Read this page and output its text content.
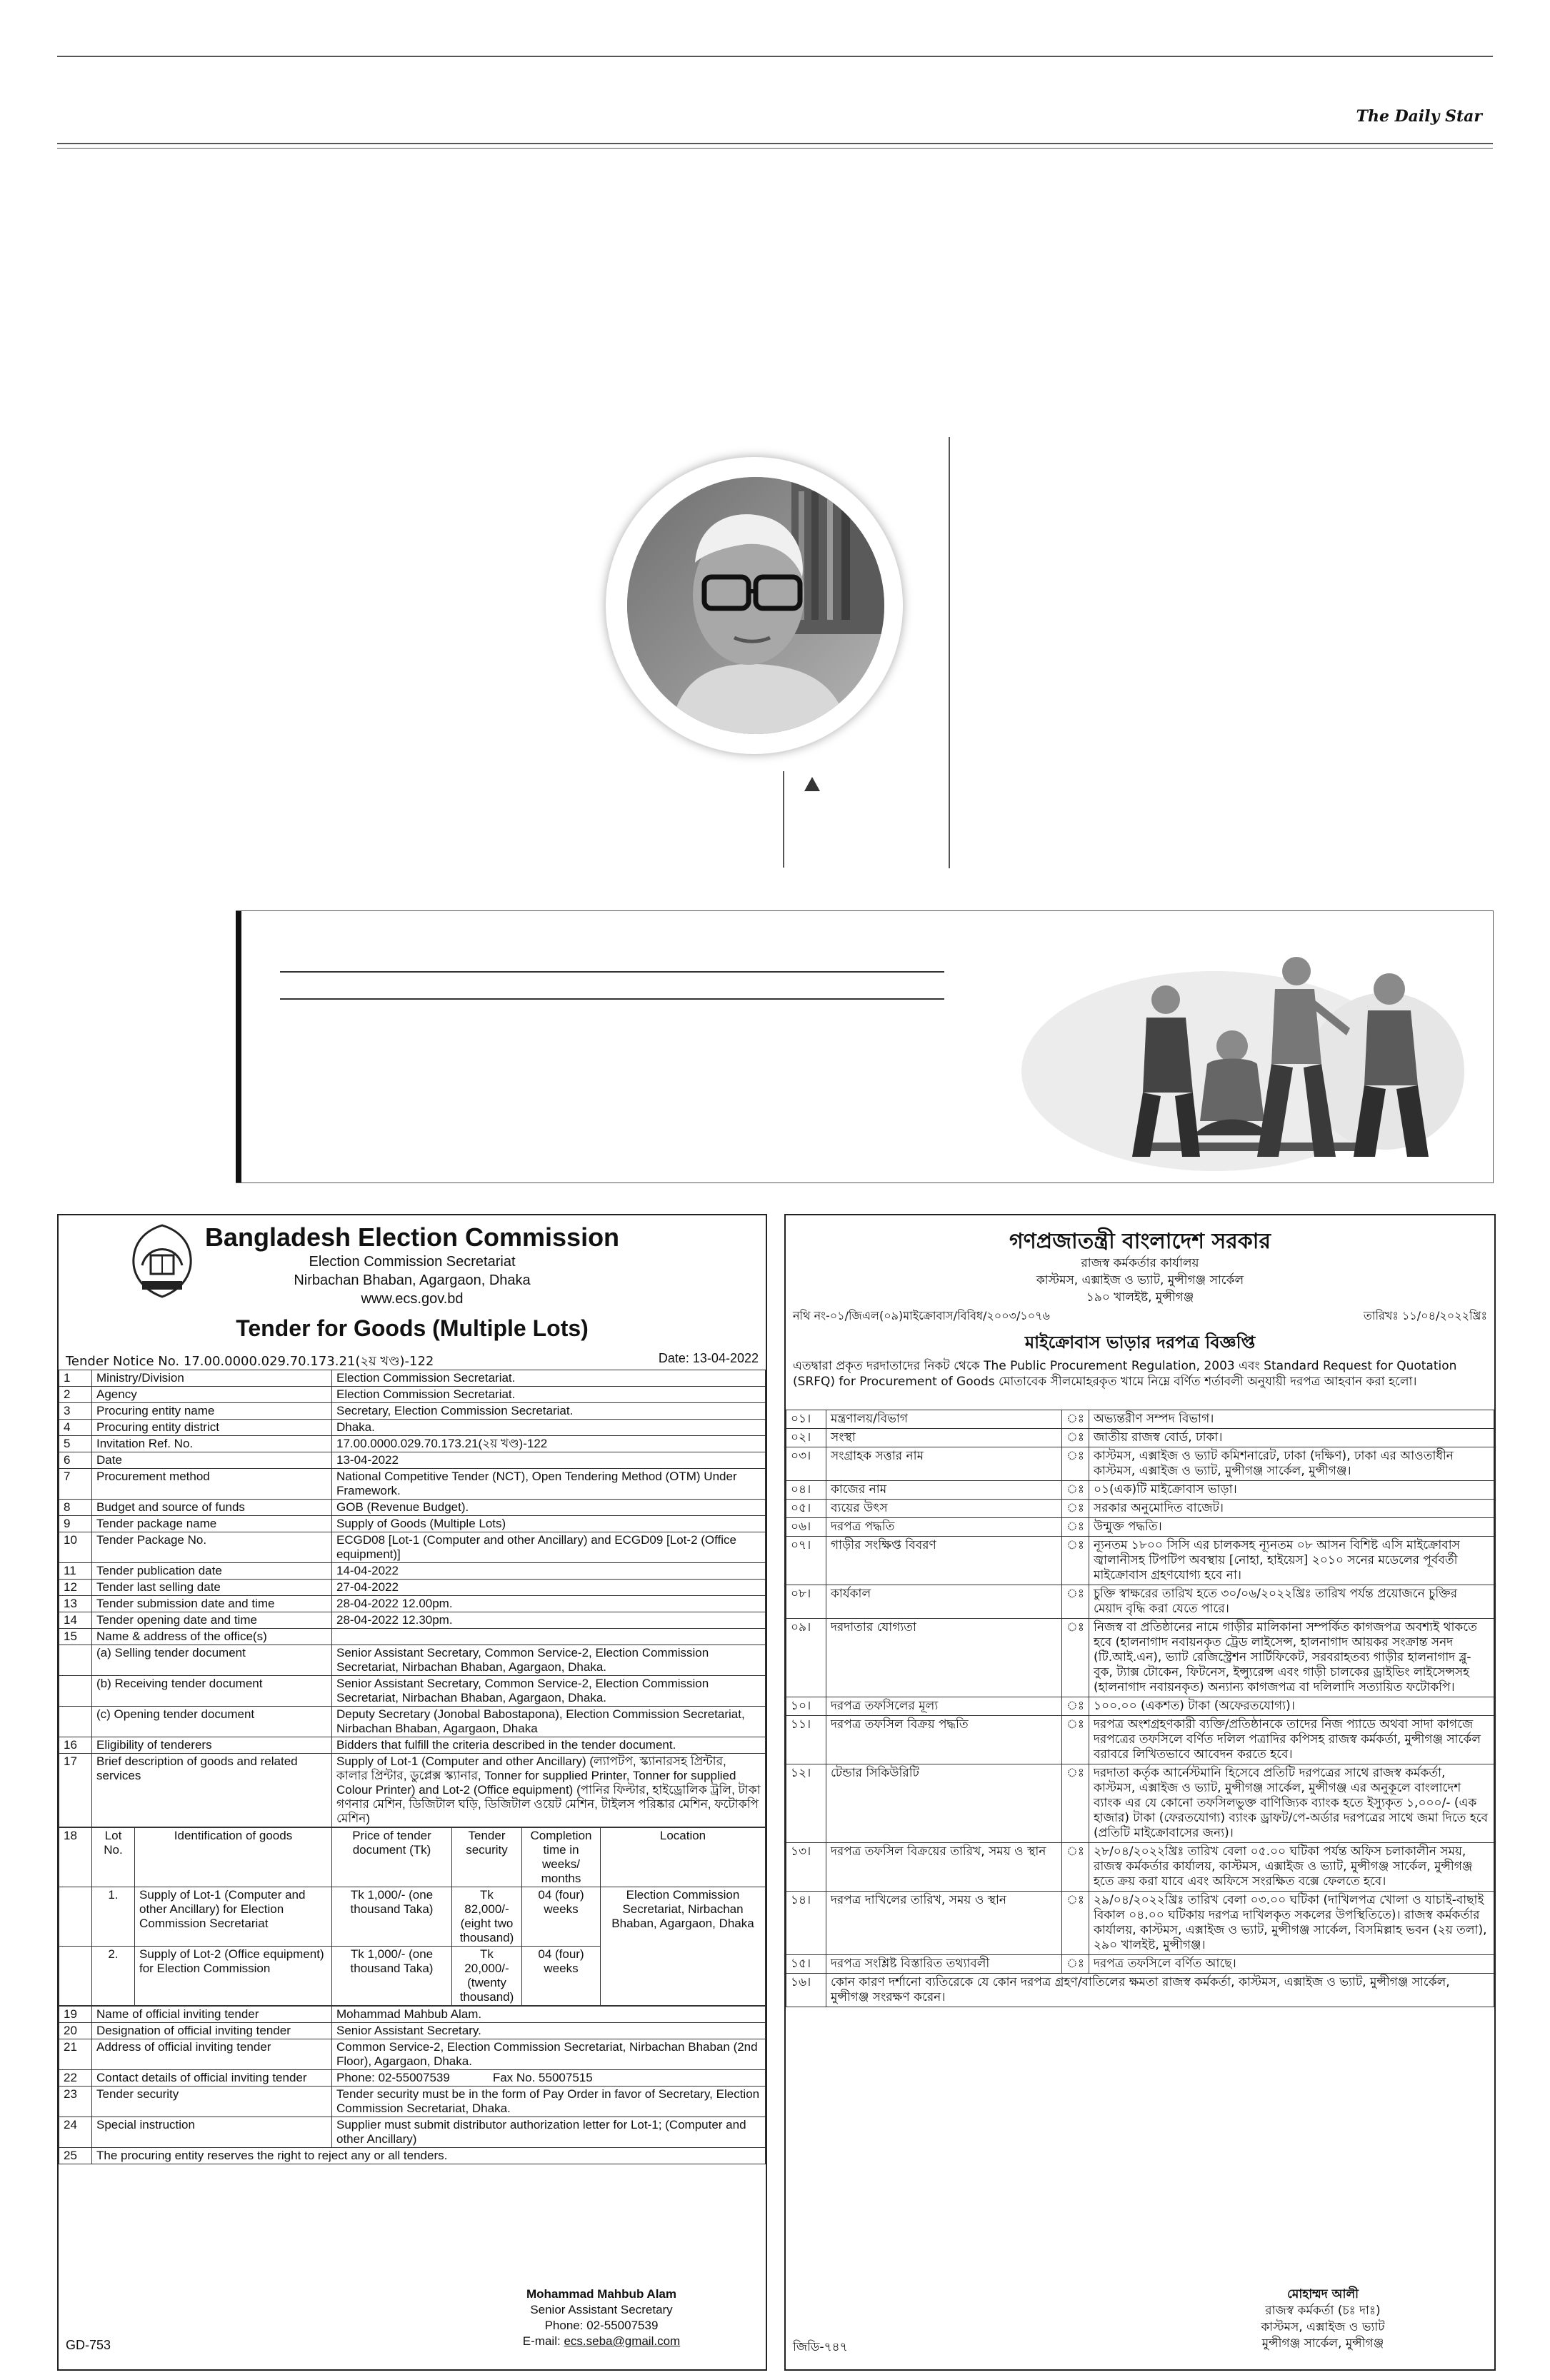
The Daily Star
Bangladesh Election Commission
Election Commission Secretariat
Nirbachan Bhaban, Agargaon, Dhaka
www.ecs.gov.bd
Tender for Goods (Multiple Lots)
Tender Notice No. 17.00.0000.029.70.173.21(২য় খণ্ড)-122	Date: 13-04-2022
1	Ministry/Division	Election Commission Secretariat.
2	Agency	Election Commission Secretariat.
3	Procuring entity name	Secretary, Election Commission Secretariat.
4	Procuring entity district	Dhaka.
5	Invitation Ref. No.	17.00.0000.029.70.173.21(২য় খণ্ড)-122
6	Date	13-04-2022
7	Procurement method	National Competitive Tender (NCT), Open Tendering Method (OTM) Under Framework.
8	Budget and source of funds	GOB (Revenue Budget).
9	Tender package name	Supply of Goods (Multiple Lots)
10	Tender Package No.	ECGD08 [Lot-1 (Computer and other Ancillary) and ECGD09 [Lot-2 (Office equipment)]
11	Tender publication date	14-04-2022
12	Tender last selling date	27-04-2022
13	Tender submission date and time	28-04-2022 12.00pm.
14	Tender opening date and time	28-04-2022 12.30pm.
15	Name & address of the office(s)	
	(a) Selling tender document	Senior Assistant Secretary, Common Service-2, Election Commission Secretariat, Nirbachan Bhaban, Agargaon, Dhaka.
	(b) Receiving tender document	Senior Assistant Secretary, Common Service-2, Election Commission Secretariat, Nirbachan Bhaban, Agargaon, Dhaka.
	(c) Opening tender document	Deputy Secretary (Jonobal Babostapona), Election Commission Secretariat, Nirbachan Bhaban, Agargaon, Dhaka
16	Eligibility of tenderers	Bidders that fulfill the criteria described in the tender document.
17	Brief description of goods and related services	Supply of Lot-1 (Computer and other Ancillary) (ল্যাপটপ, স্ক্যানারসহ প্রিন্টার, কালার প্রিন্টার, ডুপ্লেক্স স্ক্যানার, Tonner for supplied Printer, Tonner for supplied Colour Printer) and Lot-2 (Office equipment) (পানির ফিল্টার, হাইড্রোলিক ট্রলি, টাকা গণনার মেশিন, ডিজিটাল ঘড়ি, ডিজিটাল ওয়েট মেশিন, টাইলস পরিষ্কার মেশিন, ফটোকপি মেশিন)
18	Lot No.	Identification of goods	Price of tender document (Tk)	Tender security	Completion time in weeks/ months	Location
	1.	Supply of Lot-1 (Computer and other Ancillary) for Election Commission Secretariat	Tk 1,000/- (one thousand Taka)	Tk 82,000/- (eight two thousand)	04 (four) weeks	Election Commission Secretariat, Nirbachan Bhaban, Agargaon, Dhaka
	2.	Supply of Lot-2 (Office equipment) for Election Commission	Tk 1,000/- (one thousand Taka)	Tk 20,000/- (twenty thousand)	04 (four) weeks	
19	Name of official inviting tender	Mohammad Mahbub Alam.
20	Designation of official inviting tender	Senior Assistant Secretary.
21	Address of official inviting tender	Common Service-2, Election Commission Secretariat, Nirbachan Bhaban (2nd Floor), Agargaon, Dhaka.
22	Contact details of official inviting tender	Phone: 02-55007539 Fax No. 55007515
23	Tender security	Tender security must be in the form of Pay Order in favor of Secretary, Election Commission Secretariat, Dhaka.
24	Special instruction	Supplier must submit distributor authorization letter for Lot-1; (Computer and other Ancillary)
25	The procuring entity reserves the right to reject any or all tenders.	
Mohammad Mahbub Alam
Senior Assistant Secretary
Phone: 02-55007539
E-mail: ecs.seba@gmail.com
GD-753
গণপ্রজাতন্ত্রী বাংলাদেশ সরকার
রাজস্ব কর্মকর্তার কার্যালয়
কাস্টমস, এক্সাইজ ও ভ্যাট, মুন্সীগঞ্জ সার্কেল
১৯০ খালইষ্ট, মুন্সীগঞ্জ
নথি নং-০১/জিএল(০৯)মাইক্রোবাস/বিবিধ/২০০৩/১০৭৬	তারিখঃ ১১/০৪/২০২২খ্রিঃ
মাইক্রোবাস ভাড়ার দরপত্র বিজ্ঞপ্তি
এতদ্বারা প্রকৃত দরদাতাদের নিকট থেকে The Public Procurement Regulation, 2003 এবং Standard Request for Quotation (SRFQ) for Procurement of Goods মোতাবেক সীলমোহরকৃত খামে নিম্নে বর্ণিত শর্তাবলী অনুযায়ী দরপত্র আহবান করা হলো।
০১।	মন্ত্রণালয়/বিভাগ	ঃ	অভ্যন্তরীণ সম্পদ বিভাগ।
০২।	সংস্থা	ঃ	জাতীয় রাজস্ব বোর্ড, ঢাকা।
০৩।	সংগ্রাহক সত্তার নাম	ঃ	কাস্টমস, এক্সাইজ ও ভ্যাট কমিশনারেট, ঢাকা (দক্ষিণ), ঢাকা এর আওতাধীন কাস্টমস, এক্সাইজ ও ভ্যাট, মুন্সীগঞ্জ সার্কেল, মুন্সীগঞ্জ।
০৪।	কাজের নাম	ঃ	০১(এক)টি মাইক্রোবাস ভাড়া।
০৫।	ব্যয়ের উৎস	ঃ	সরকার অনুমোদিত বাজেট।
০৬।	দরপত্র পদ্ধতি	ঃ	উন্মুক্ত পদ্ধতি।
০৭।	গাড়ীর সংক্ষিপ্ত বিবরণ	ঃ	ন্যূনতম ১৮০০ সিসি এর চালকসহ ন্যূনতম ০৮ আসন বিশিষ্ট এসি মাইক্রোবাস জ্বালানীসহ টিপটিপ অবস্থায় [নোহা, হাইয়েস] ২০১০ সনের মডেলের পূর্ববর্তী মাইক্রোবাস গ্রহণযোগ্য হবে না।
০৮।	কার্যকাল	ঃ	চুক্তি স্বাক্ষরের তারিখ হতে ৩০/০৬/২০২২খ্রিঃ তারিখ পর্যন্ত প্রয়োজনে চুক্তির মেয়াদ বৃদ্ধি করা যেতে পারে।
০৯।	দরদাতার যোগ্যতা	ঃ	নিজস্ব বা প্রতিষ্ঠানের নামে গাড়ীর মালিকানা সম্পর্কিত কাগজপত্র অবশ্যই থাকতে হবে (হালনাগাদ নবায়নকৃত ট্রেড লাইসেন্স, হালনাগাদ আয়কর সংক্রান্ত সনদ (টি.আই.এন), ভ্যাট রেজিস্ট্রেশন সার্টিফিকেট, সরবরাহতব্য গাড়ীর হালনাগাদ ব্লু-বুক, ট্যাক্স টোকেন, ফিটনেস, ইন্স্যুরেন্স এবং গাড়ী চালকের ড্রাইভিং লাইসেন্সসহ (হালনাগাদ নবায়নকৃত) অন্যান্য কাগজপত্র বা দলিলাদি সত্যায়িত ফটোকপি।
১০।	দরপত্র তফসিলের মূল্য	ঃ	১০০.০০ (একশত) টাকা (অফেরতযোগ্য)।
১১।	দরপত্র তফসিল বিক্রয় পদ্ধতি	ঃ	দরপত্র অংশগ্রহণকারী ব্যক্তি/প্রতিষ্ঠানকে তাদের নিজ প্যাডে অথবা সাদা কাগজে দরপত্রের তফসিলে বর্ণিত দলিল পত্রাদির কপিসহ রাজস্ব কর্মকর্তা, মুন্সীগঞ্জ সার্কেল বরাবরে লিখিতভাবে আবেদন করতে হবে।
১২।	টেন্ডার সিকিউরিটি	ঃ	দরদাতা কর্তৃক আর্নেস্টমানি হিসেবে প্রতিটি দরপত্রের সাথে রাজস্ব কর্মকর্তা, কাস্টমস, এক্সাইজ ও ভ্যাট, মুন্সীগঞ্জ সার্কেল, মুন্সীগঞ্জ এর অনুকূলে বাংলাদেশ ব্যাংক এর যে কোনো তফসিলভুক্ত বাণিজ্যিক ব্যাংক হতে ইস্যুকৃত ১,০০০/- (এক হাজার) টাকা (ফেরতযোগ্য) ব্যাংক ড্রাফট/পে-অর্ডার দরপত্রের সাথে জমা দিতে হবে (প্রতিটি মাইক্রোবাসের জন্য)।
১৩।	দরপত্র তফসিল বিক্রয়ের তারিখ, সময় ও স্থান	ঃ	২৮/০৪/২০২২খ্রিঃ তারিখ বেলা ০৫.০০ ঘটিকা পর্যন্ত অফিস চলাকালীন সময়, রাজস্ব কর্মকর্তার কার্যালয়, কাস্টমস, এক্সাইজ ও ভ্যাট, মুন্সীগঞ্জ সার্কেল, মুন্সীগঞ্জ হতে ক্রয় করা যাবে এবং অফিসে সংরক্ষিত বক্সে ফেলতে হবে।
১৪।	দরপত্র দাখিলের তারিখ, সময় ও স্থান	ঃ	২৯/০৪/২০২২খ্রিঃ তারিখ বেলা ০৩.০০ ঘটিকা (দাখিলপত্র খোলা ও যাচাই-বাছাই বিকাল ০৪.০০ ঘটিকায় দরপত্র দাখিলকৃত সকলের উপস্থিতিতে)। রাজস্ব কর্মকর্তার কার্যালয়, কাস্টমস, এক্সাইজ ও ভ্যাট, মুন্সীগঞ্জ সার্কেল, বিসমিল্লাহ ভবন (২য় তলা), ২৯০ খালইষ্ট, মুন্সীগঞ্জ।
১৫।	দরপত্র সংশ্লিষ্ট বিস্তারিত তথ্যাবলী	ঃ	দরপত্র তফসিলে বর্ণিত আছে।
১৬।	কোন কারণ দর্শানো ব্যতিরেকে যে কোন দরপত্র গ্রহণ/বাতিলের ক্ষমতা রাজস্ব কর্মকর্তা, কাস্টমস, এক্সাইজ ও ভ্যাট, মুন্সীগঞ্জ সার্কেল, মুন্সীগঞ্জ সংরক্ষণ করেন।		
মোহাম্মদ আলী
রাজস্ব কর্মকর্তা (চঃ দাঃ)
কাস্টমস, এক্সাইজ ও ভ্যাট
মুন্সীগঞ্জ সার্কেল, মুন্সীগঞ্জ
জিডি-৭৪৭
